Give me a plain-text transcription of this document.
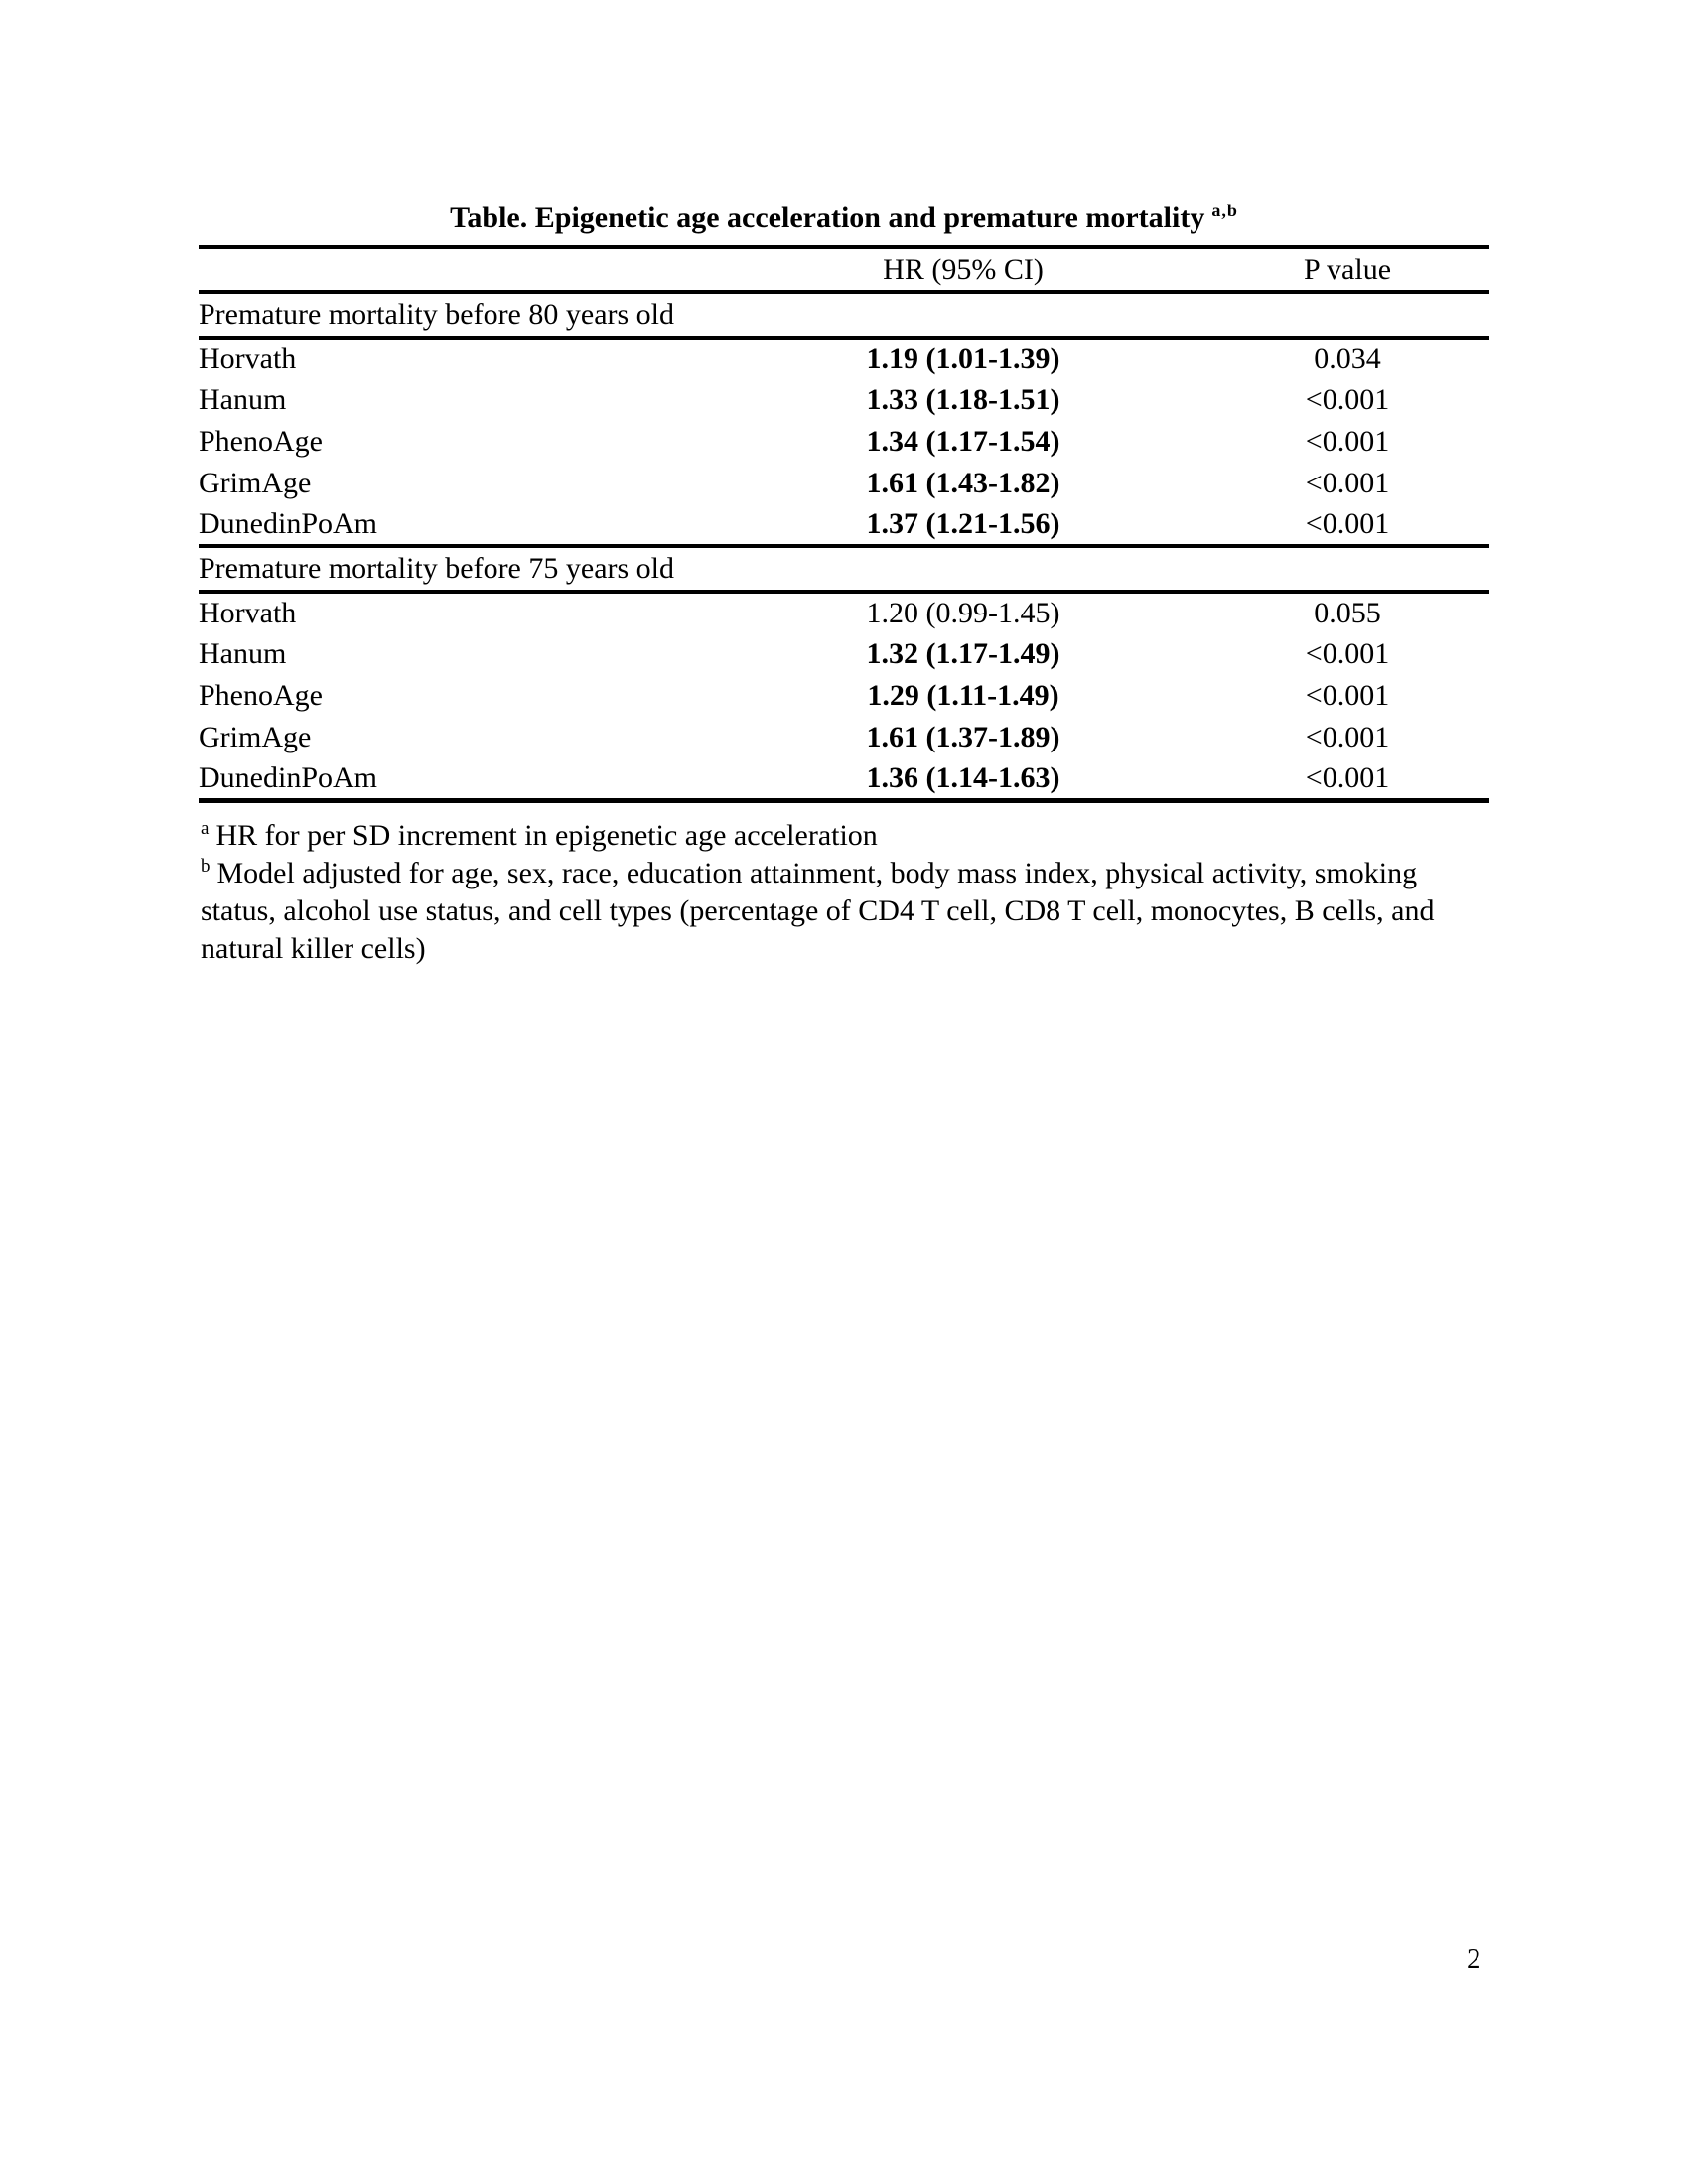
Table. Epigenetic age acceleration and premature mortality $^{a,b}$
	HR (95% CI)	P value
Premature mortality before 80 years old		
Horvath	1.19 (1.01-1.39)	0.034
Hanum	1.33 (1.18-1.51)	<0.001
PhenoAge	1.34 (1.17-1.54)	<0.001
GrimAge	1.61 (1.43-1.82)	<0.001
DunedinPoAm	1.37 (1.21-1.56)	<0.001
Premature mortality before 75 years old		
Horvath	1.20 (0.99-1.45)	0.055
Hanum	1.32 (1.17-1.49)	<0.001
PhenoAge	1.29 (1.11-1.49)	<0.001
GrimAge	1.61 (1.37-1.89)	<0.001
DunedinPoAm	1.36 (1.14-1.63)	<0.001

$^a$ HR for per SD increment in epigenetic age acceleration

$^b$ Model adjusted for age, sex, race, education attainment, body mass index, physical activity, smoking status, alcohol use status, and cell types (percentage of CD4 T cell, CD8 T cell, monocytes, B cells, and natural killer cells)

2
